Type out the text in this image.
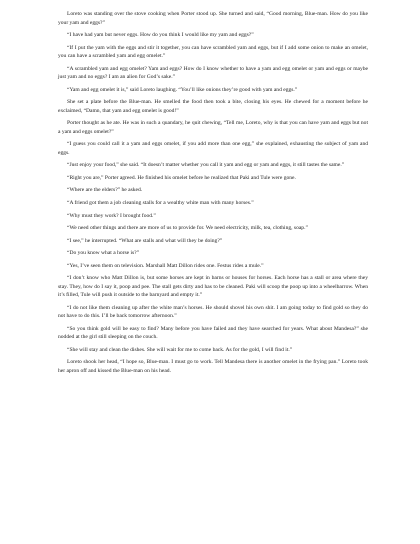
Loreto was standing over the stove cooking when Porter stood up. She turned and said, “Good morning, Blue-man. How do you like your yam and eggs?”

“I have had yam but never eggs. How do you think I would like my yam and eggs?”

“If I put the yam with the eggs and stir it together, you can have scrambled yam and eggs, but if I add some onion to make an omelet, you can have a scrambled yam and egg omelet.”

“A scrambled yam and egg omelet? Yam and eggs? How do I know whether to have a yam and egg omelet or yam and eggs or maybe just yam and no eggs? I am an alien for God’s sake.”

“Yam and egg omelet it is,” said Loreto laughing. “You’ll like onions they’re good with yam and eggs.”

She set a plate before the Blue-man. He smelled the food then took a bite, closing his eyes. He chewed for a moment before he exclaimed, “Damn, that yam and egg omelet is good!”

Porter thought as he ate. He was in such a quandary, he quit chewing, “Tell me, Loreto, why is that you can have yam and eggs but not a yam and eggs omelet?”

“I guess you could call it a yam and eggs omelet, if you add more than one egg,” she explained, exhausting the subject of yam and eggs.

“Just enjoy your food,” she said. “It doesn’t matter whether you call it yam and egg or yam and eggs, it still tastes the same.”

“Right you are,” Porter agreed. He finished his omelet before he realized that Paki and Tule were gone.

“Where are the elders?” he asked.

“A friend got them a job cleaning stalls for a wealthy white man with many horses.”

“Why must they work? I brought food.”

“We need other things and there are more of us to provide for. We need electricity, milk, tea, clothing, soap.”

“I see,” he interrupted. “What are stalls and what will they be doing?”

“Do you know what a horse is?”

“Yes, I’ve seen them on television. Marshall Matt Dillon rides one. Festus rides a mule.”

“I don’t know who Matt Dillon is, but some horses are kept in barns or houses for horses. Each horse has a stall or area where they stay. They, how do I say it, poop and pee. The stall gets dirty and has to be cleaned. Paki will scoop the poop up into a wheelbarrow. When it’s filled, Tule will push it outside to the barnyard and empty it.”

“I do not like them cleaning up after the white man’s horses. He should shovel his own shit. I am going today to find gold so they do not have to do this. I’ll be back tomorrow afternoon.”

“So you think gold will be easy to find? Many before you have failed and they have searched for years. What about Mandesa?” she nodded at the girl still sleeping on the couch.

“She will stay and clean the dishes. She will wait for me to come back. As for the gold, I will find it.”

Loreto shook her head, “I hope so, Blue-man. I must go to work. Tell Mandesa there is another omelet in the frying pan.” Loreto took her apron off and kissed the Blue-man on his head.
